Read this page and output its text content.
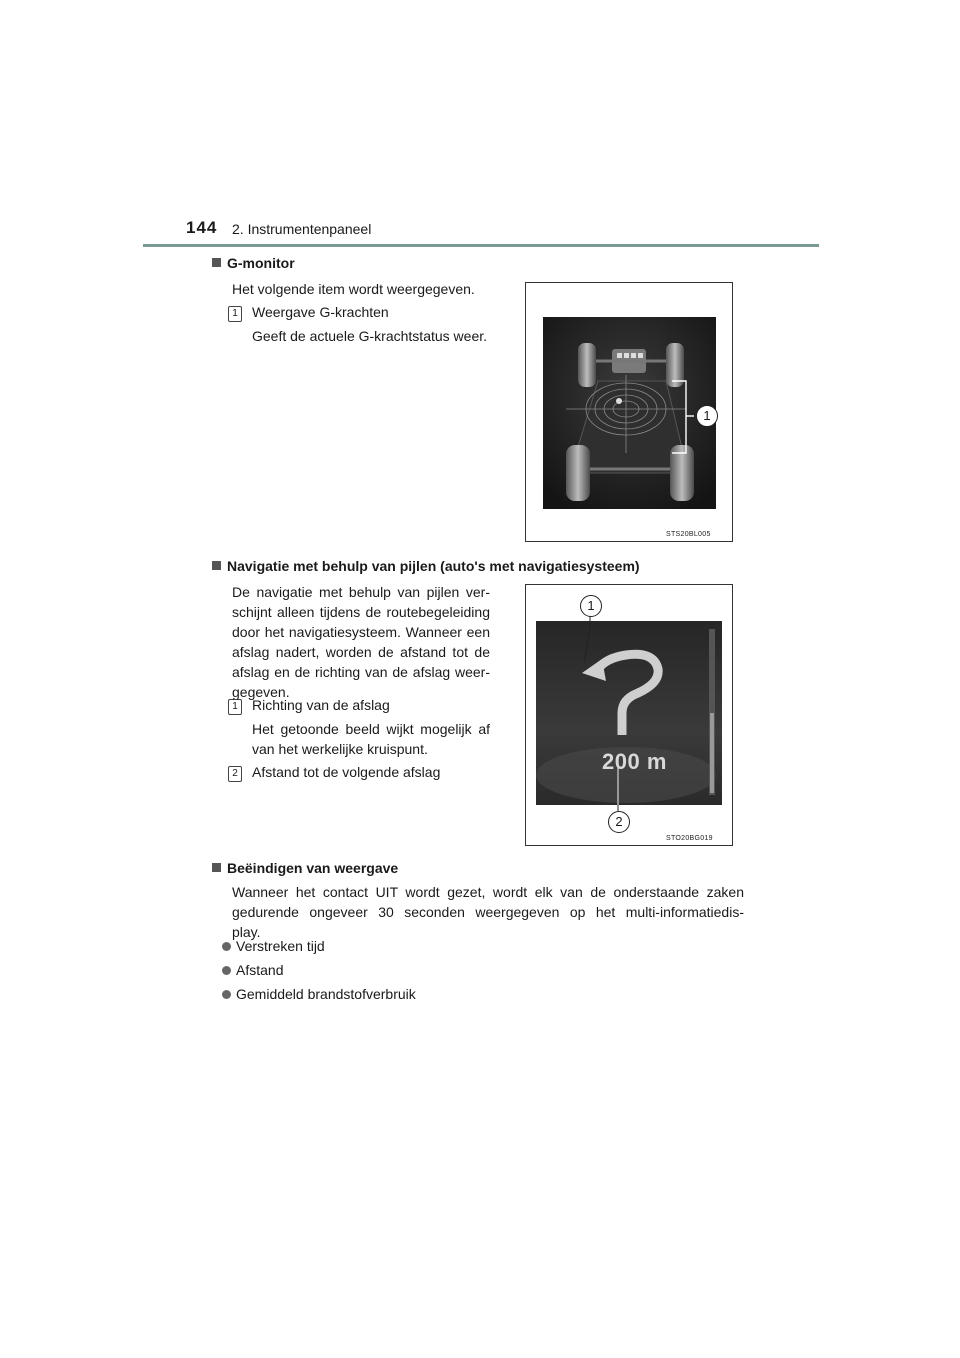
144 2. Instrumentenpaneel
G-monitor
Het volgende item wordt weergegeven.
1 Weergave G-krachten
Geeft de actuele G-krachtstatus weer.
1
STS20BL005
Navigatie met behulp van pijlen (auto's met navigatiesysteem)
De navigatie met behulp van pijlen ver-
schijnt alleen tijdens de routebegeleiding
door het navigatiesysteem. Wanneer een
afslag nadert, worden de afstand tot de
afslag en de richting van de afslag weer-
gegeven.
1 Richting van de afslag
Het getoonde beeld wijkt mogelijk af
van het werkelijke kruispunt.
2 Afstand tot de volgende afslag	200 m
1
2
STO20BG019
Beëindigen van weergave
Wanneer het contact UIT wordt gezet, wordt elk van de onderstaande zaken
gedurende ongeveer 30 seconden weergegeven op het multi-informatiedis-
play.
Verstreken tijd
Afstand
Gemiddeld brandstofverbruik
